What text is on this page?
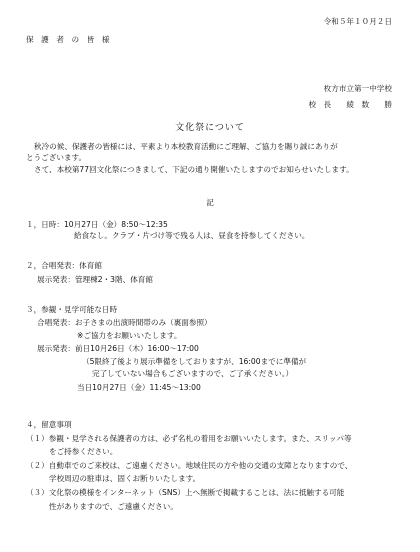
令和５年１０月２日
保　護　者　の　皆　様
枚方市立第一中学校
校　長　　綾　数　　勝
文化祭について
秋冷の候、保護者の皆様には、平素より本校教育活動にご理解、ご協力を賜り誠にありが
とうございます。
さて、本校第77回文化祭につきまして、下記の通り開催いたしますのでお知らせいたします。
記
１，日時：10月27日（金）8:50～12:35
給食なし。クラブ・片づけ等で残る人は、昼食を持参してください。
２，合唱発表：体育館
展示発表：管理棟2・3階、体育館
３，参観・見学可能な日時
合唱発表：お子さまの出演時間帯のみ（裏面参照）
※ご協力をお願いいたします。
展示発表：前日10月26日（木）16:00～17:00
（5限終了後より展示準備をしておりますが、16:00までに準備が
完了していない場合もございますので、ご了承ください。）
当日10月27日（金）11:45～13:00
４，留意事項
（１）参観・見学される保護者の方は、必ず名札の着用をお願いいたします。また、スリッパ等
をご持参ください。
（２）自動車でのご来校は、ご遠慮ください。地域住民の方や他の交通の支障となりますので、
学校周辺の駐車は、固くお断りいたします。
（３）文化祭の模様をインターネット（SNS）上へ無断で掲載することは、法に抵触する可能
性がありますので、ご遠慮ください。
